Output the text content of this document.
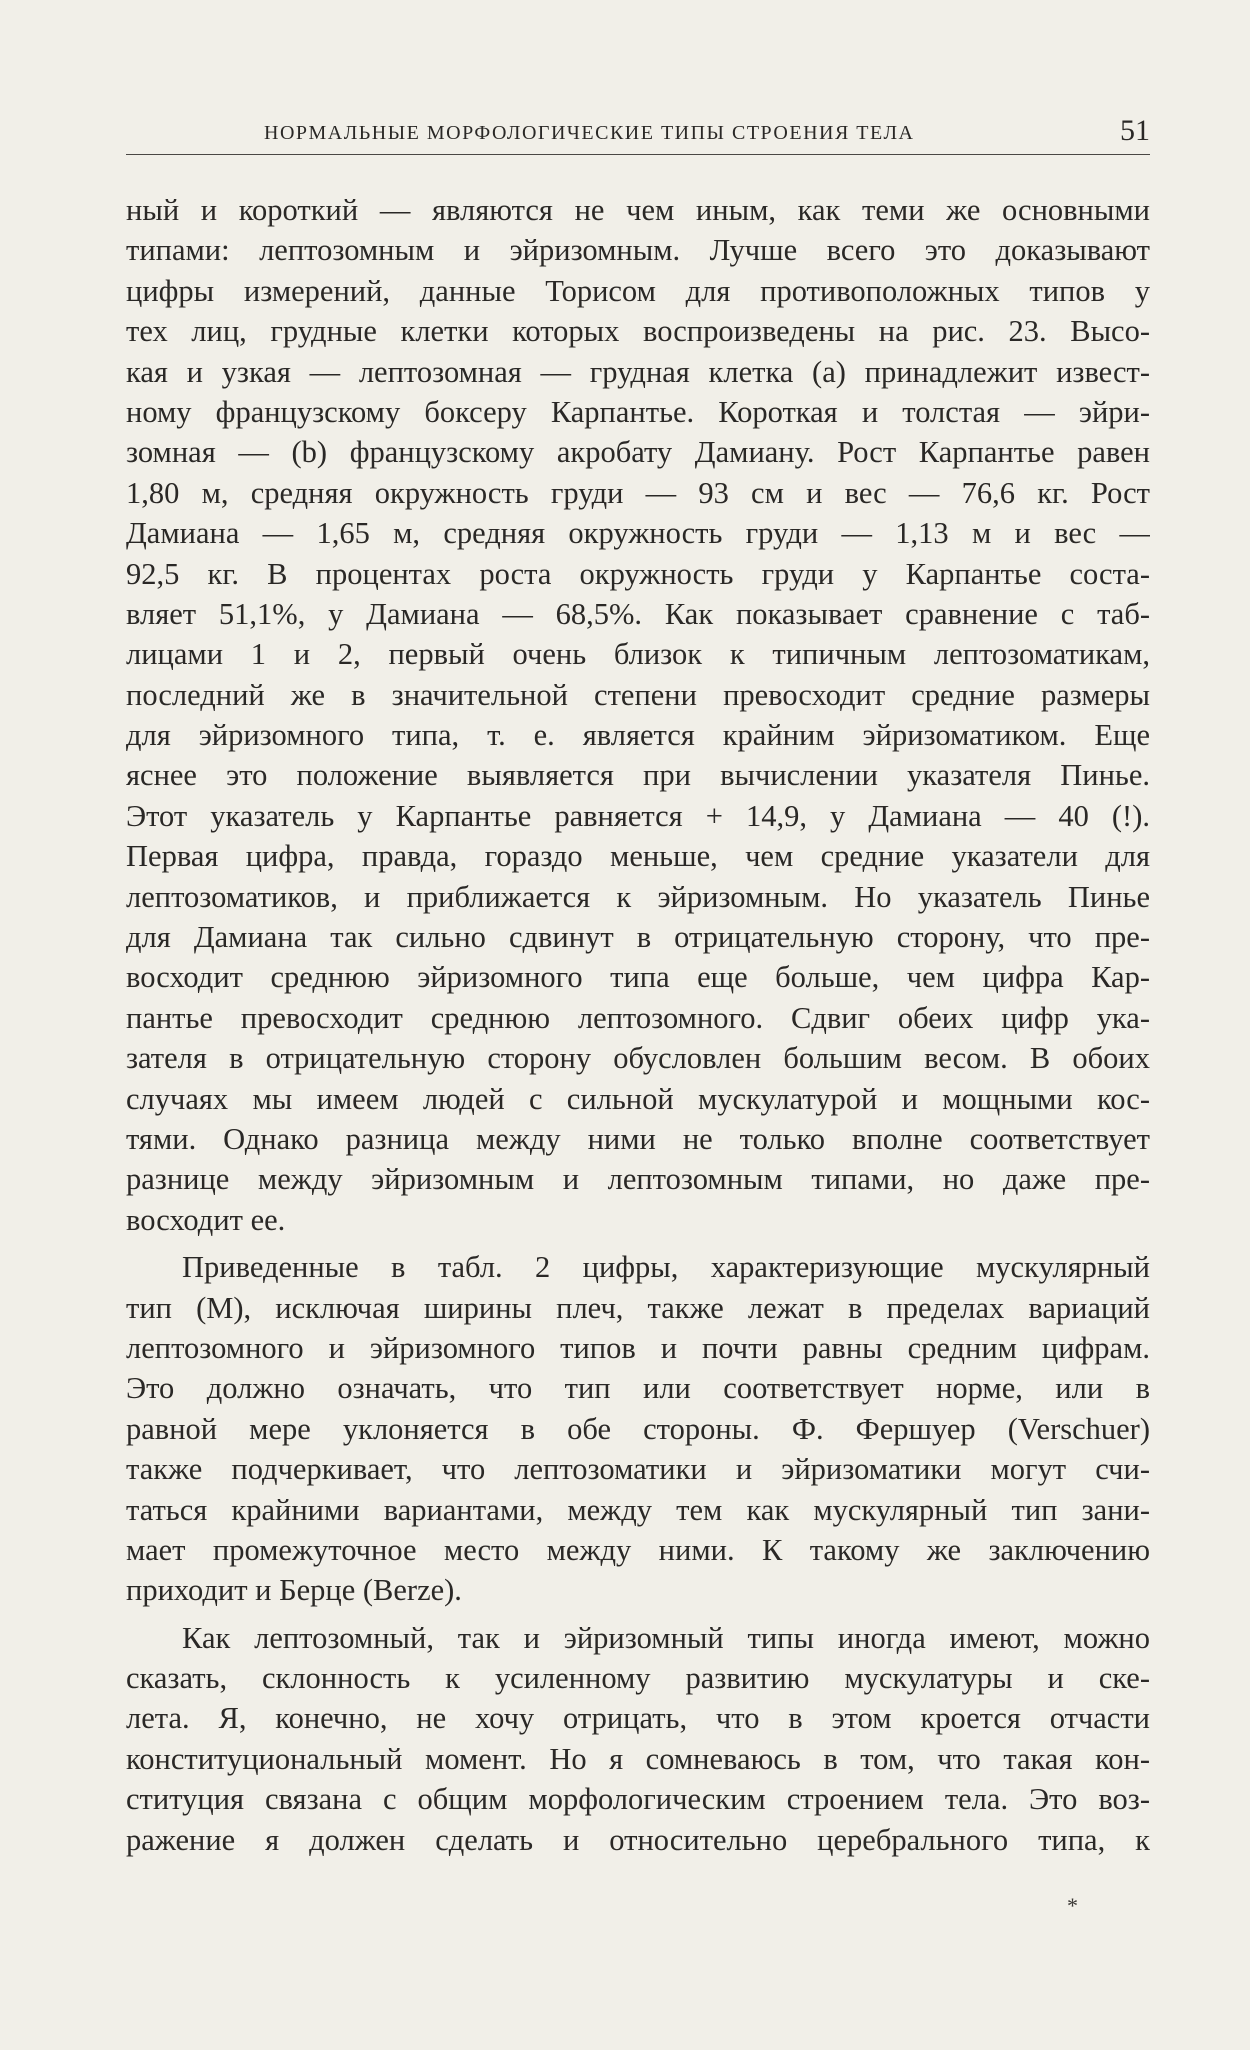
НОРМАЛЬНЫЕ МОРФОЛОГИЧЕСКИЕ ТИПЫ СТРОЕНИЯ ТЕЛА	51
ный и короткий — являются не чем иным, как теми же основными
типами: лептозомным и эйризомным. Лучше всего это доказывают
цифры измерений, данные Торисом для противоположных типов у
тех лиц, грудные клетки которых воспроизведены на рис. 23. Высо-
кая и узкая — лептозомная — грудная клетка (a) принадлежит извест-
ному французскому боксеру Карпантье. Короткая и толстая — эйри-
зомная — (b) французскому акробату Дамиану. Рост Карпантье равен
1,80 м, средняя окружность груди — 93 см и вес — 76,6 кг. Рост
Дамиана — 1,65 м, средняя окружность груди — 1,13 м и вес —
92,5 кг. В процентах роста окружность груди у Карпантье соста-
вляет 51,1%, у Дамиана — 68,5%. Как показывает сравнение с таб-
лицами 1 и 2, первый очень близок к типичным лептозоматикам,
последний же в значительной степени превосходит средние размеры
для эйризомного типа, т. е. является крайним эйризоматиком. Еще
яснее это положение выявляется при вычислении указателя Пинье.
Этот указатель у Карпантье равняется + 14,9, у Дамиана — 40 (!).
Первая цифра, правда, гораздо меньше, чем средние указатели для
лептозоматиков, и приближается к эйризомным. Но указатель Пинье
для Дамиана так сильно сдвинут в отрицательную сторону, что пре-
восходит среднюю эйризомного типа еще больше, чем цифра Кар-
пантье превосходит среднюю лептозомного. Сдвиг обеих цифр ука-
зателя в отрицательную сторону обусловлен большим весом. В обоих
случаях мы имеем людей с сильной мускулатурой и мощными кос-
тями. Однако разница между ними не только вполне соответствует
разнице между эйризомным и лептозомным типами, но даже пре-
восходит ее.
Приведенные в табл. 2 цифры, характеризующие мускулярный
тип (М), исключая ширины плеч, также лежат в пределах вариаций
лептозомного и эйризомного типов и почти равны средним цифрам.
Это должно означать, что тип или соответствует норме, или в
равной мере уклоняется в обе стороны. Ф. Фершуер (Verschuer)
также подчеркивает, что лептозоматики и эйризоматики могут счи-
таться крайними вариантами, между тем как мускулярный тип зани-
мает промежуточное место между ними. К такому же заключению
приходит и Берце (Berze).
Как лептозомный, так и эйризомный типы иногда имеют, можно
сказать, склонность к усиленному развитию мускулатуры и ске-
лета. Я, конечно, не хочу отрицать, что в этом кроется отчасти
конституциональный момент. Но я сомневаюсь в том, что такая кон-
ституция связана с общим морфологическим строением тела. Это воз-
ражение я должен сделать и относительно церебрального типа, к
*
